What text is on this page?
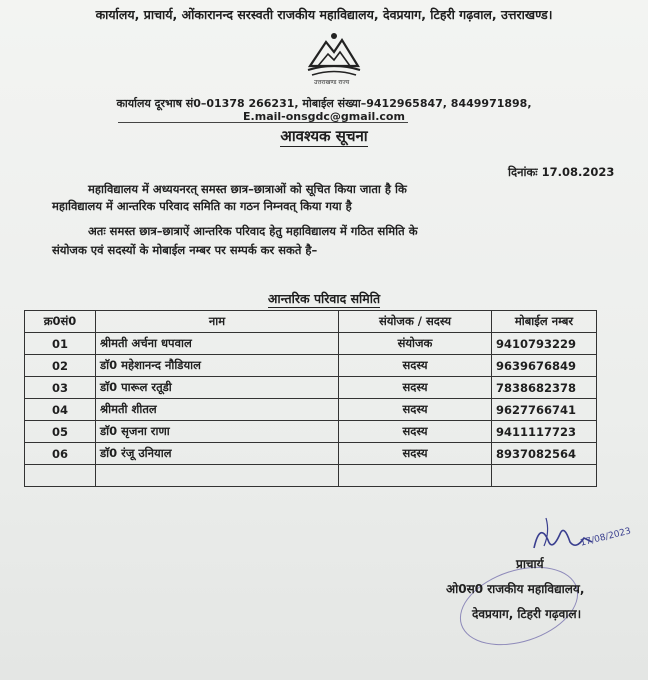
कार्यालय, प्राचार्य, ओंकारानन्द सरस्वती राजकीय महाविद्यालय, देवप्रयाग, टिहरी गढ़वाल, उत्तराखण्ड।
उत्तराखण्ड राज्य
कार्यालय दूरभाष सं0–01378 266231, मोबाईल संख्या–9412965847, 8449971898,
E.mail-onsgdc@gmail.com
आवश्यक सूचना
दिनांकः 17.08.2023
महाविद्यालय में अध्ययनरत् समस्त छात्र–छात्राओं को सूचित किया जाता है कि
महाविद्यालय में आन्तरिक परिवाद समिति का गठन निम्नवत् किया गया है
अतः समस्त छात्र–छात्राऐं आन्तरिक परिवाद हेतु महाविद्यालय में गठित समिति के
संयोजक एवं सदस्यों के मोबाईल नम्बर पर सम्पर्क कर सकते है–
आन्तरिक परिवाद समिति
क्र0सं0	नाम	संयोजक / सदस्य	मोबाईल नम्बर
01	श्रीमती अर्चना धपवाल	संयोजक	9410793229
02	डाॅ0 महेशानन्द नौडियाल	सदस्य	9639676849
03	डाॅ0 पारूल रतूडी	सदस्य	7838682378
04	श्रीमती शीतल	सदस्य	9627766741
05	डाॅ0 सृजना राणा	सदस्य	9411117723
06	डाॅ0 रंजू उनियाल	सदस्य	8937082564

17/08/2023
प्राचार्य
ओ0स0 राजकीय महाविद्यालय,
देवप्रयाग, टिहरी गढ़वाल।
